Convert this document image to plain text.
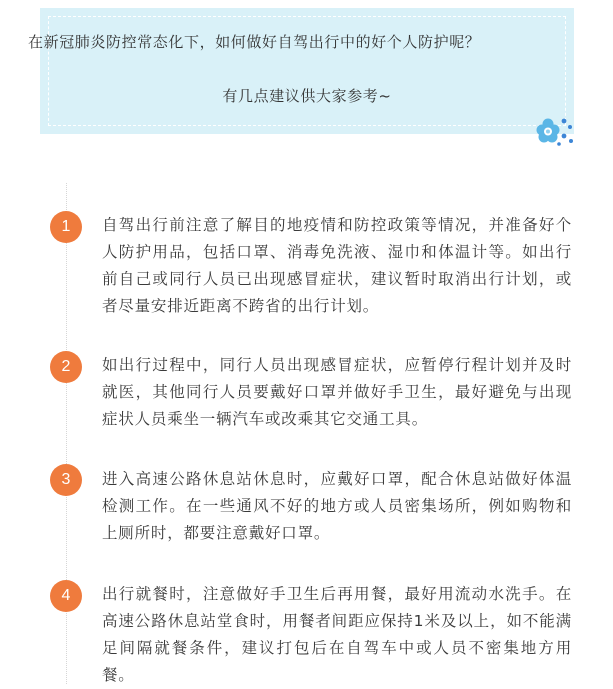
在新冠肺炎防控常态化下，如何做好自驾出行中的好个人防护呢？

有几点建议供大家参考~

1	自驾出行前注意了解目的地疫情和防控政策等情况，并准备好个人防护用品，包括口罩、消毒免洗液、湿巾和体温计等。如出行前自己或同行人员已出现感冒症状，建议暂时取消出行计划，或者尽量安排近距离不跨省的出行计划。

2	如出行过程中，同行人员出现感冒症状，应暂停行程计划并及时就医，其他同行人员要戴好口罩并做好手卫生，最好避免与出现症状人员乘坐一辆汽车或改乘其它交通工具。

3	进入高速公路休息站休息时，应戴好口罩，配合休息站做好体温检测工作。在一些通风不好的地方或人员密集场所，例如购物和上厕所时，都要注意戴好口罩。

4	出行就餐时，注意做好手卫生后再用餐，最好用流动水洗手。在高速公路休息站堂食时，用餐者间距应保持1米及以上，如不能满足间隔就餐条件，建议打包后在自驾车中或人员不密集地方用餐。
